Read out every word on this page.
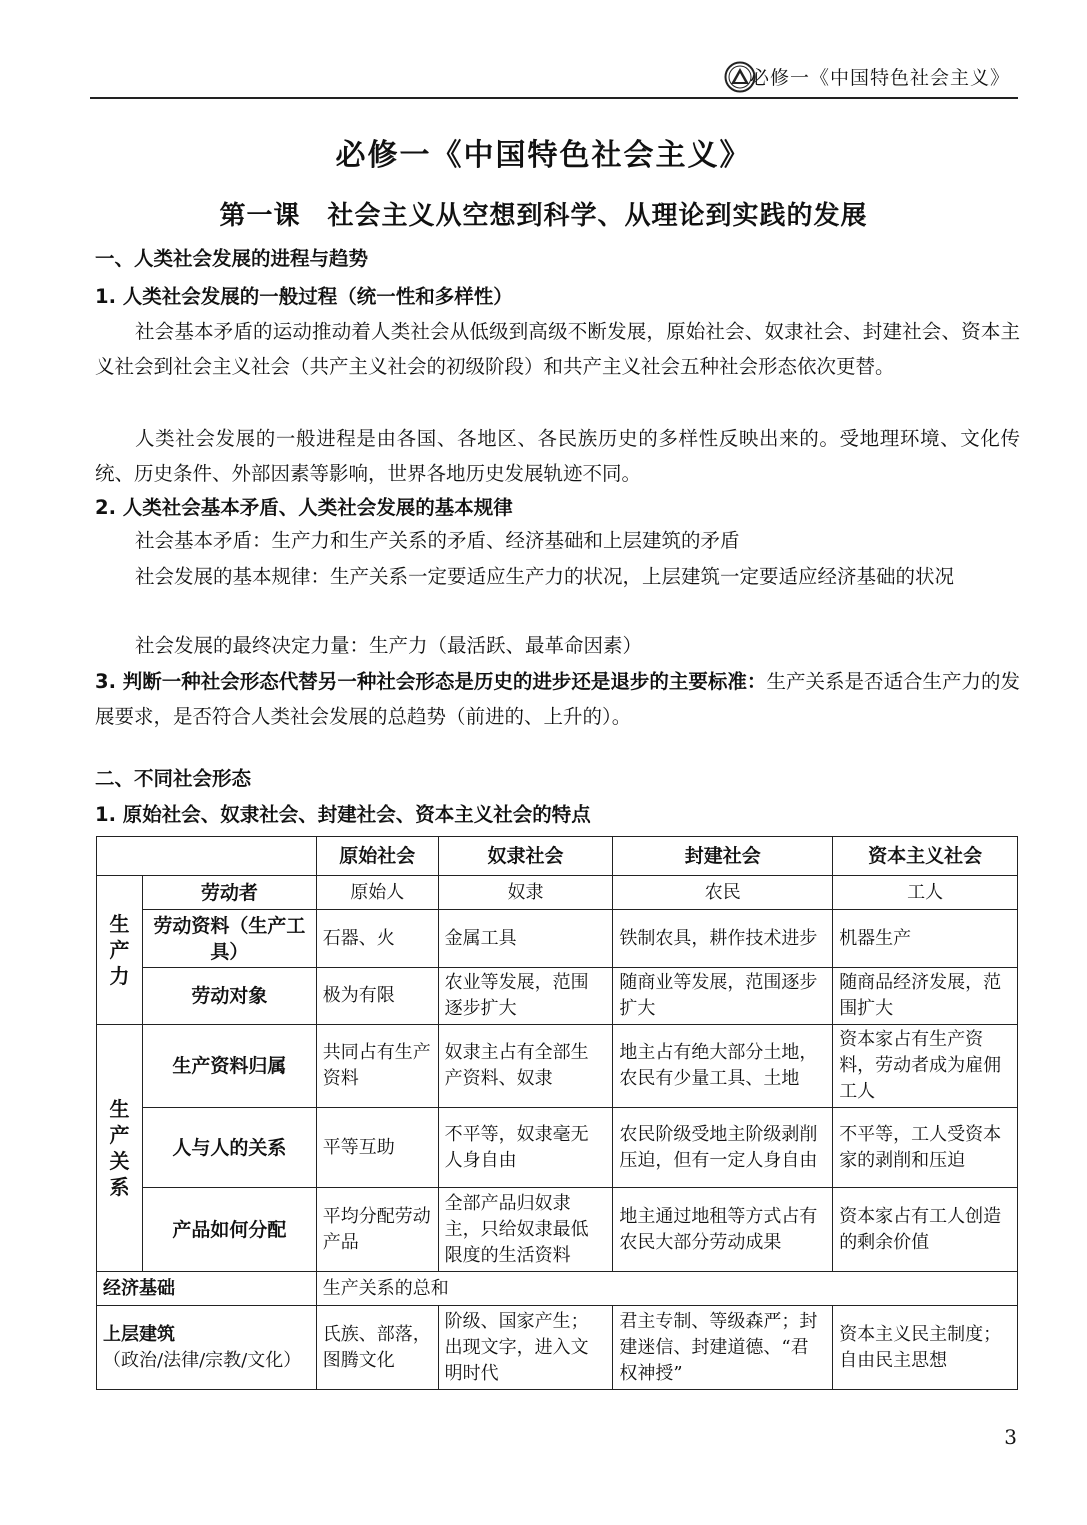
必修一《中国特色社会主义》
必修一《中国特色社会主义》
第一课　社会主义从空想到科学、从理论到实践的发展
一、人类社会发展的进程与趋势
1. 人类社会发展的一般过程（统一性和多样性）
社会基本矛盾的运动推动着人类社会从低级到高级不断发展，原始社会、奴隶社会、封建社会、资本主义社会到社会主义社会（共产主义社会的初级阶段）和共产主义社会五种社会形态依次更替。
人类社会发展的一般进程是由各国、各地区、各民族历史的多样性反映出来的。受地理环境、文化传统、历史条件、外部因素等影响，世界各地历史发展轨迹不同。
2. 人类社会基本矛盾、人类社会发展的基本规律
社会基本矛盾：生产力和生产关系的矛盾、经济基础和上层建筑的矛盾
社会发展的基本规律：生产关系一定要适应生产力的状况，上层建筑一定要适应经济基础的状况
社会发展的最终决定力量：生产力（最活跃、最革命因素）
3. 判断一种社会形态代替另一种社会形态是历史的进步还是退步的主要标准：生产关系是否适合生产力的发展要求，是否符合人类社会发展的总趋势（前进的、上升的）。
二、不同社会形态
1. 原始社会、奴隶社会、封建社会、资本主义社会的特点
		原始社会	奴隶社会	封建社会	资本主义社会
生产力	劳动者	原始人	奴隶	农民	工人
	劳动资料（生产工具）	石器、火	金属工具	铁制农具，耕作技术进步	机器生产
	劳动对象	极为有限	农业等发展，范围逐步扩大	随商业等发展，范围逐步扩大	随商品经济发展，范围扩大
生产关系	生产资料归属	共同占有生产资料	奴隶主占有全部生产资料、奴隶	地主占有绝大部分土地，农民有少量工具、土地	资本家占有生产资料，劳动者成为雇佣工人
	人与人的关系	平等互助	不平等，奴隶毫无人身自由	农民阶级受地主阶级剥削压迫，但有一定人身自由	不平等，工人受资本家的剥削和压迫
	产品如何分配	平均分配劳动产品	全部产品归奴隶主，只给奴隶最低限度的生活资料	地主通过地租等方式占有农民大部分劳动成果	资本家占有工人创造的剩余价值
经济基础		生产关系的总和			

上层建筑
（政治/法律/宗教/文化）		氏族、部落，图腾文化	阶级、国家产生；出现文字，进入文明时代	君主专制、等级森严；封建迷信、封建道德、“君权神授”	资本主义民主制度；自由民主思想
3
